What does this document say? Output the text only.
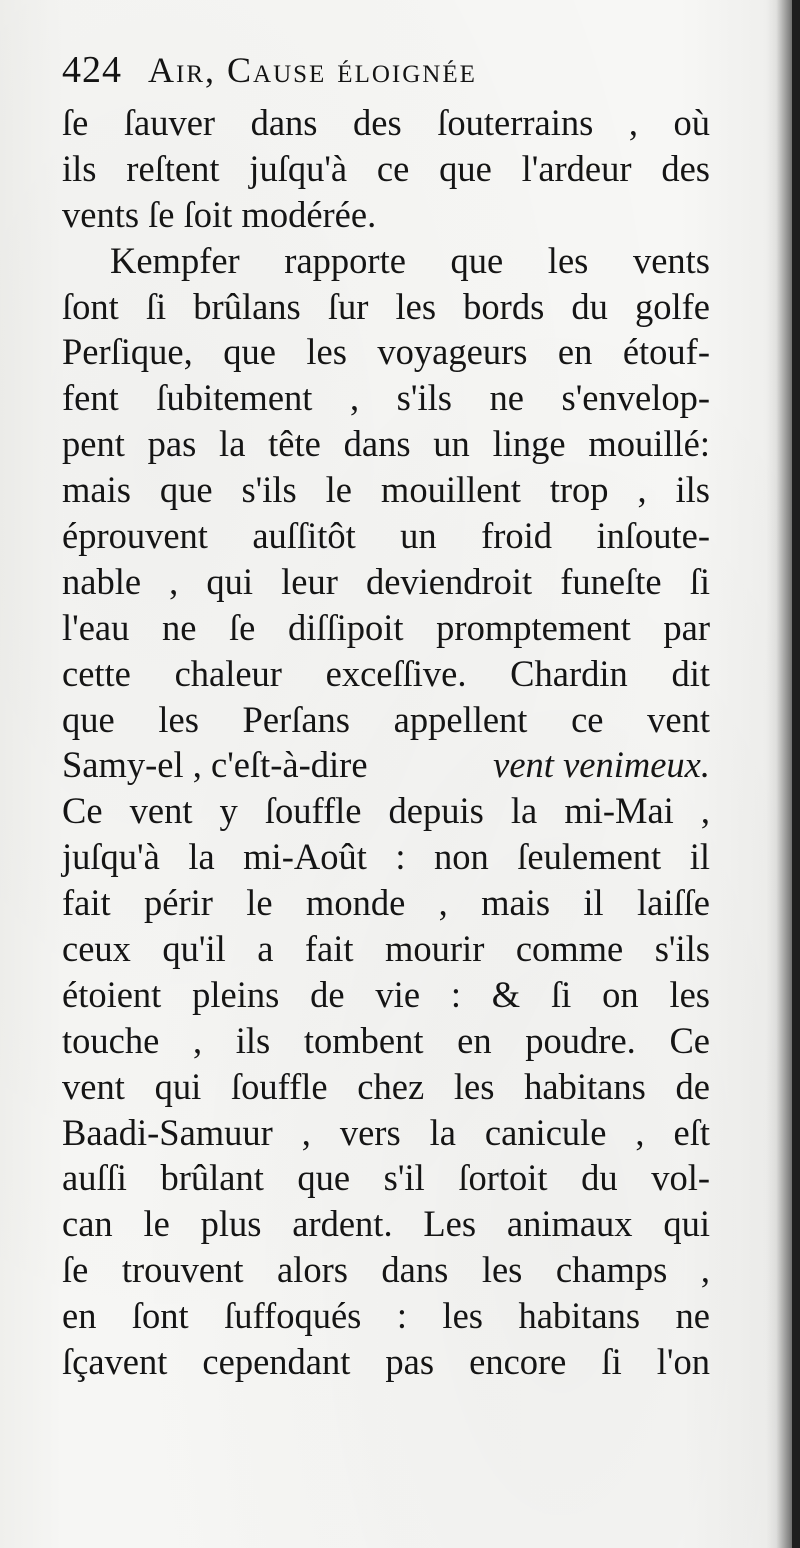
424 Air, Cause éloignée
ſe ſauver dans des ſouterrains , où
ils reſtent juſqu'à ce que l'ardeur des
vents ſe ſoit modérée.
Kempfer rapporte que les vents
ſont ſi brûlans ſur les bords du golfe
Perſique, que les voyageurs en étouf-
fent ſubitement , s'ils ne s'envelop-
pent pas la tête dans un linge mouillé:
mais que s'ils le mouillent trop , ils
éprouvent auſſitôt un froid inſoute-
nable , qui leur deviendroit funeſte ſi
l'eau ne ſe diſſipoit promptement par
cette chaleur exceſſive. Chardin dit
que les Perſans appellent ce vent
Samy-el , c'eſt-à-dire	vent venimeux.
Ce vent y ſouffle depuis la mi-Mai ,
juſqu'à la mi-Août : non ſeulement il
fait périr le monde , mais il laiſſe
ceux qu'il a fait mourir comme s'ils
étoient pleins de vie : & ſi on les
touche , ils tombent en poudre. Ce
vent qui ſouffle chez les habitans de
Baadi-Samuur , vers la canicule , eſt
auſſi brûlant que s'il ſortoit du vol-
can le plus ardent. Les animaux qui
ſe trouvent alors dans les champs ,
en ſont ſuffoqués : les habitans ne
ſçavent cependant pas encore ſi l'on
